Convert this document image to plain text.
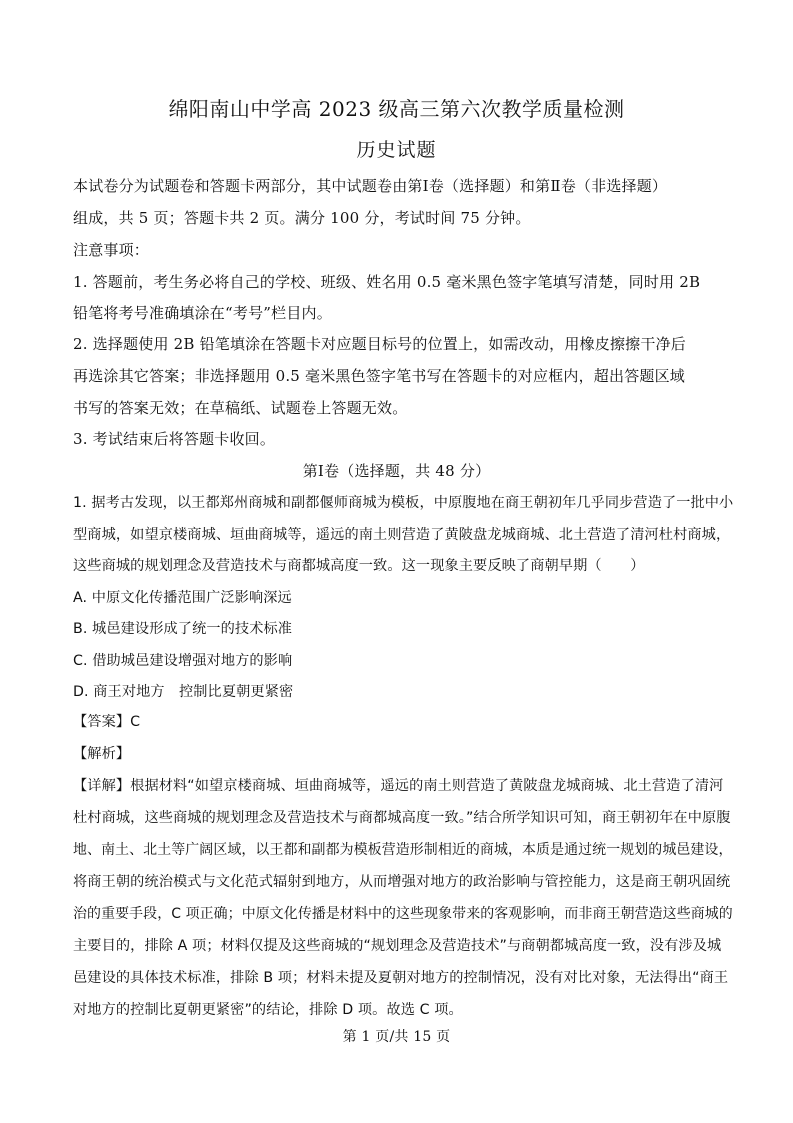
绵阳南山中学高 2023 级高三第六次教学质量检测
历史试题
本试卷分为试题卷和答题卡两部分，其中试题卷由第Ⅰ卷（选择题）和第Ⅱ卷（非选择题）
组成，共 5 页；答题卡共 2 页。满分 100 分，考试时间 75 分钟。
注意事项：
1. 答题前，考生务必将自己的学校、班级、姓名用 0.5 毫米黑色签字笔填写清楚，同时用 2B
铅笔将考号准确填涂在“考号”栏目内。
2. 选择题使用 2B 铅笔填涂在答题卡对应题目标号的位置上，如需改动，用橡皮擦擦干净后
再选涂其它答案；非选择题用 0.5 毫米黑色签字笔书写在答题卡的对应框内，超出答题区域
书写的答案无效；在草稿纸、试题卷上答题无效。
3. 考试结束后将答题卡收回。
第Ⅰ卷（选择题，共 48 分）
1. 据考古发现，以王都郑州商城和副都偃师商城为模板，中原腹地在商王朝初年几乎同步营造了一批中小
型商城，如望京楼商城、垣曲商城等，遥远的南土则营造了黄陂盘龙城商城、北土营造了清河杜村商城，
这些商城的规划理念及营造技术与商都城高度一致。这一现象主要反映了商朝早期（　　）
A. 中原文化传播范围广泛影响深远
B. 城邑建设形成了统一的技术标准
C. 借助城邑建设增强对地方的影响
D. 商王对地方　控制比夏朝更紧密
【答案】C
【解析】
【详解】根据材料“如望京楼商城、垣曲商城等，遥远的南土则营造了黄陂盘龙城商城、北土营造了清河
杜村商城，这些商城的规划理念及营造技术与商都城高度一致。”结合所学知识可知，商王朝初年在中原腹
地、南土、北土等广阔区域，以王都和副都为模板营造形制相近的商城，本质是通过统一规划的城邑建设，
将商王朝的统治模式与文化范式辐射到地方，从而增强对地方的政治影响与管控能力，这是商王朝巩固统
治的重要手段，C 项正确；中原文化传播是材料中的这些现象带来的客观影响，而非商王朝营造这些商城的
主要目的，排除 A 项；材料仅提及这些商城的“规划理念及营造技术”与商朝都城高度一致，没有涉及城
邑建设的具体技术标准，排除 B 项；材料未提及夏朝对地方的控制情况，没有对比对象，无法得出“商王
对地方的控制比夏朝更紧密”的结论，排除 D 项。故选 C 项。
第 1 页/共 15 页
